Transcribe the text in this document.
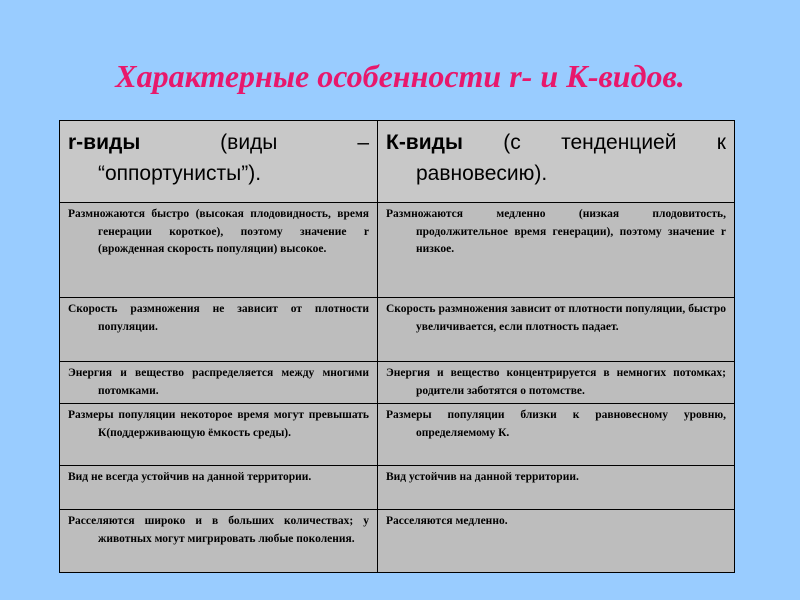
Характерные особенности r- и К-видов.
r-виды (виды – “оппортунисты”).	К-виды (с тенденцией к равновесию).

Размножаются быстро (высокая плодовидность, время генерации короткое), поэтому значение r (врожденная скорость популяции) высокое.	Размножаются медленно (низкая плодовитость, продолжительное время генерации), поэтому значение r низкое.

Скорость размножения не зависит от плотности популяции.	Скорость размножения зависит от плотности популяции, быстро увеличивается, если плотность падает.

Энергия и вещество распределяется между многими потомками.	Энергия и вещество концентрируется в немногих потомках; родители заботятся о потомстве.

Размеры популяции некоторое время могут превышать К(поддерживающую ёмкость среды).	Размеры популяции близки к равновесному уровню, определяемому К.

Вид не всегда устойчив на данной территории.	Вид устойчив на данной территории.

Расселяются широко и в больших количествах; у животных могут мигрировать любые поколения.	Расселяются медленно.
